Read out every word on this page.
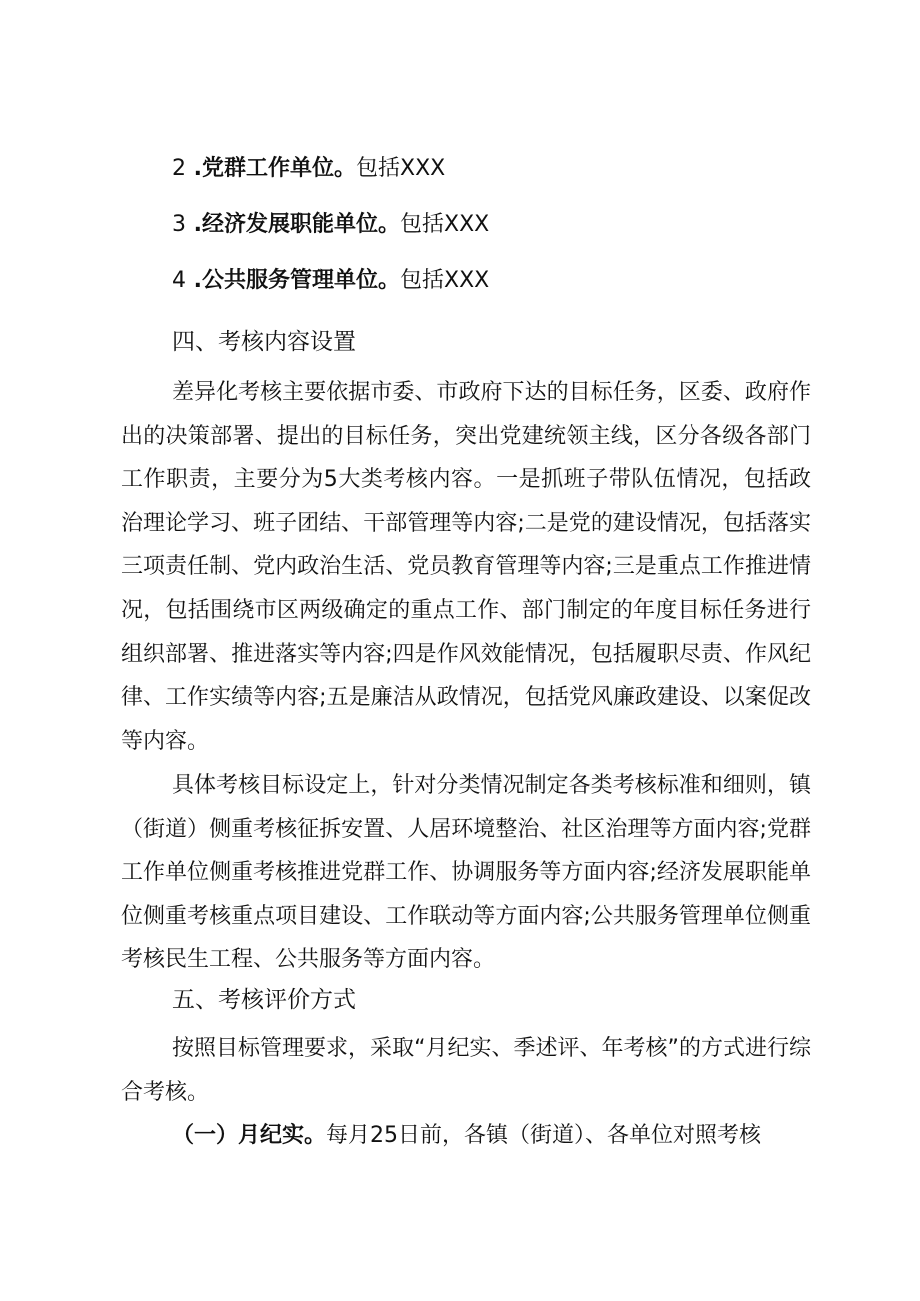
2 .党群工作单位。包括XXX
3 .经济发展职能单位。包括XXX
4 .公共服务管理单位。包括XXX
四、考核内容设置

差异化考核主要依据市委、市政府下达的目标任务，区委、政府作出的决策部署、提出的目标任务，突出党建统领主线，区分各级各部门工作职责，主要分为5大类考核内容。一是抓班子带队伍情况，包括政治理论学习、班子团结、干部管理等内容;二是党的建设情况，包括落实三项责任制、党内政治生活、党员教育管理等内容;三是重点工作推进情况，包括围绕市区两级确定的重点工作、部门制定的年度目标任务进行组织部署、推进落实等内容;四是作风效能情况，包括履职尽责、作风纪律、工作实绩等内容;五是廉洁从政情况，包括党风廉政建设、以案促改等内容。

具体考核目标设定上，针对分类情况制定各类考核标准和细则，镇（街道）侧重考核征拆安置、人居环境整治、社区治理等方面内容;党群工作单位侧重考核推进党群工作、协调服务等方面内容;经济发展职能单位侧重考核重点项目建设、工作联动等方面内容;公共服务管理单位侧重考核民生工程、公共服务等方面内容。

五、考核评价方式

按照目标管理要求，采取“月纪实、季述评、年考核”的方式进行综合考核。

（一）月纪实。每月25日前，各镇（街道）、各单位对照考核
